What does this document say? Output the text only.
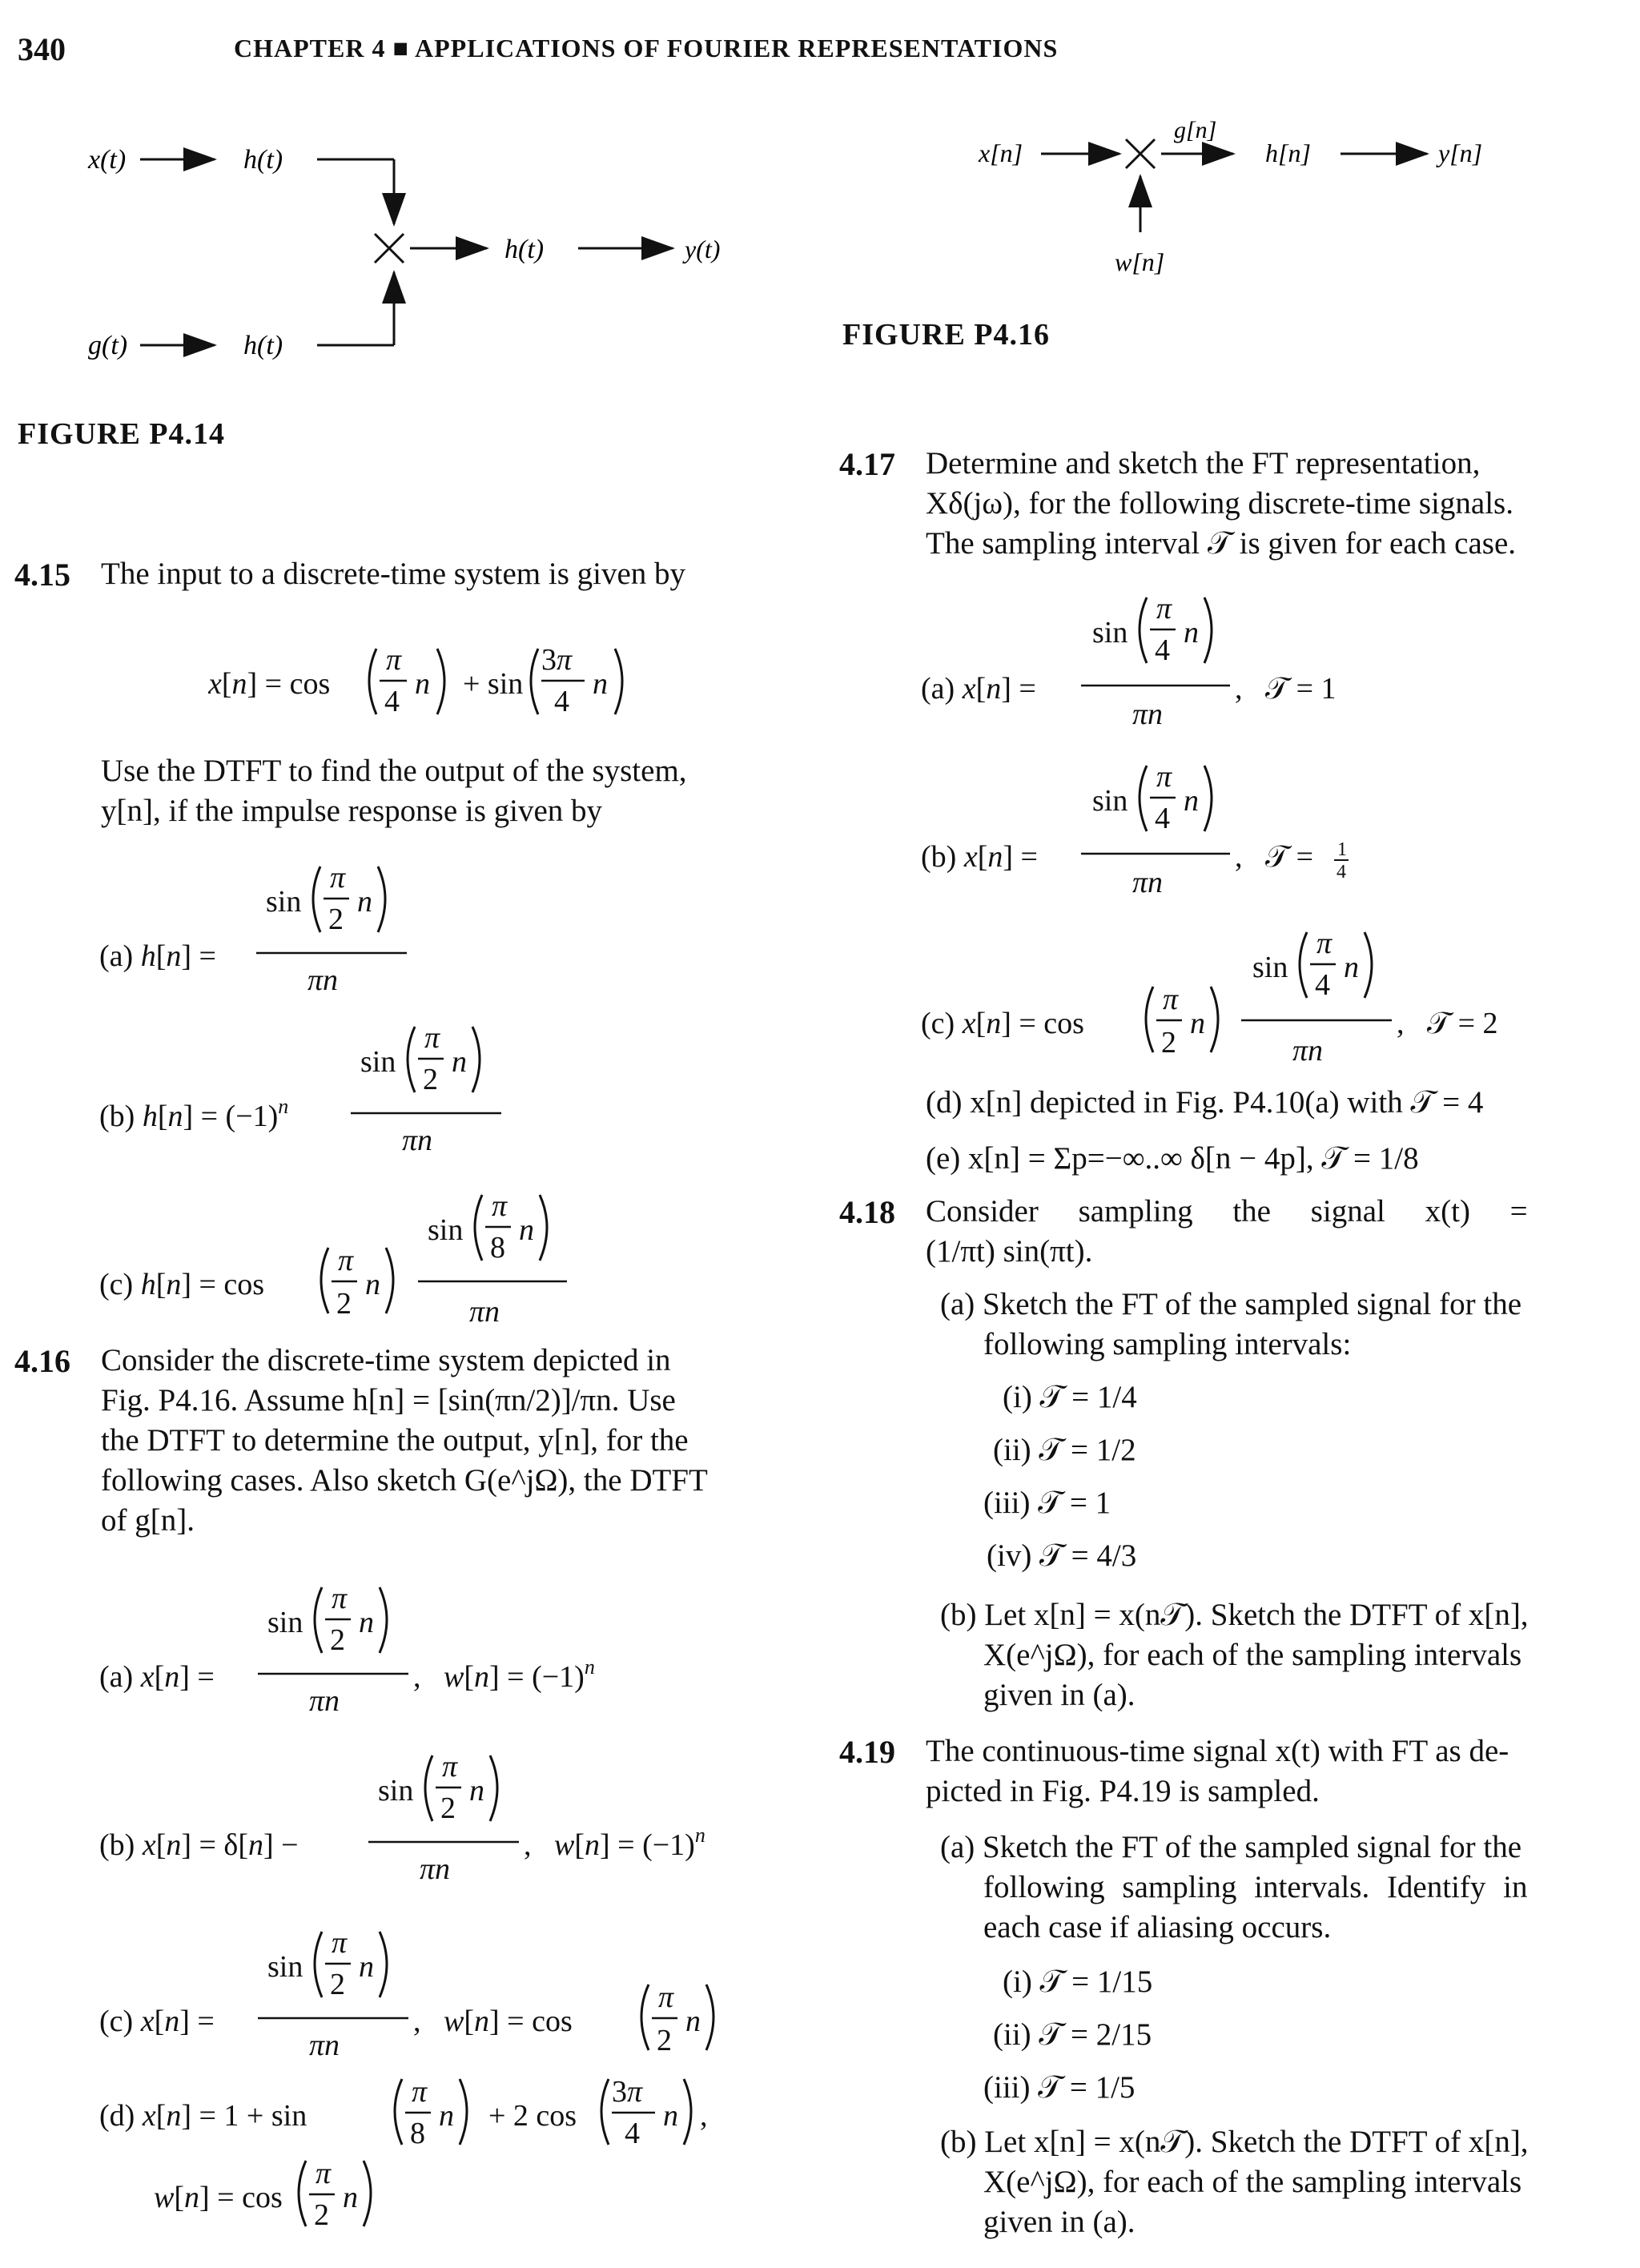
340	CHAPTER 4 ■ APPLICATIONS OF FOURIER REPRESENTATIONS
x(t)	h(t)
h(t)	y(t)
g(t)	h(t)
FIGURE P4.14
x[n]
g[n]
h[n]	y[n]
w[n]
FIGURE P4.16
4.15 The input to a discrete-time system is given by
x[n] = cos
π
4
n + sin
3π
4
n
Use the DTFT to find the output of the system,
y[n], if the impulse response is given by
(a) h[n] =
sin
π
2
n
πn
(b) $h[n] = (-1)^n$
sin
π
2
n
πn
(c) h[n] = cos
π
2
n
sin
π
8
n
πn
4.16 Consider the discrete-time system depicted in
Fig. P4.16. Assume h[n] = [sin(πn/2)]/πn. Use
the DTFT to determine the output, y[n], for the
following cases. Also sketch G(e^jΩ), the DTFT
of g[n].
(a) x[n] =
sin
π
2
n
πn
,   $w[n] = (-1)^n$
(b) x[n] = δ[n] −
sin
π
2
n
πn
,   $w[n] = (-1)^n$
(c) x[n] =
sin
π
2
n
πn
,   w[n] = cos
π
2
n
(d) x[n] = 1 + sin
π
8
n + 2 cos
3π
4
n ,
w[n] = cos
π
2
n
4.17 Determine and sketch the FT representation,
Xδ(jω), for the following discrete-time signals.
The sampling interval 𝒯 is given for each case.
(a) x[n] =
sin
π
4
n
πn
,   𝒯 = 1
(b) x[n] =
sin
π
4
n
πn
,   𝒯 = 1
4
(c) x[n] = cos
π
2
n
sin
π
4
n
πn
,   𝒯 = 2
(d) x[n] depicted in Fig. P4.10(a) with 𝒯 = 4
(e) x[n] = Σp=−∞..∞ δ[n − 4p], 𝒯 = 1/8
4.18 Consider sampling the signal x(t) =
(1/πt) sin(πt).
(a) Sketch the FT of the sampled signal for the
following sampling intervals:
(i) 𝒯 = 1/4
(ii) 𝒯 = 1/2
(iii) 𝒯 = 1
(iv) 𝒯 = 4/3
(b) Let x[n] = x(n𝒯). Sketch the DTFT of x[n],
X(e^jΩ), for each of the sampling intervals
given in (a).
4.19 The continuous-time signal x(t) with FT as de-
picted in Fig. P4.19 is sampled.
(a) Sketch the FT of the sampled signal for the
following sampling intervals. Identify in
each case if aliasing occurs.
(i) 𝒯 = 1/15
(ii) 𝒯 = 2/15
(iii) 𝒯 = 1/5
(b) Let x[n] = x(n𝒯). Sketch the DTFT of x[n],
X(e^jΩ), for each of the sampling intervals
given in (a).
